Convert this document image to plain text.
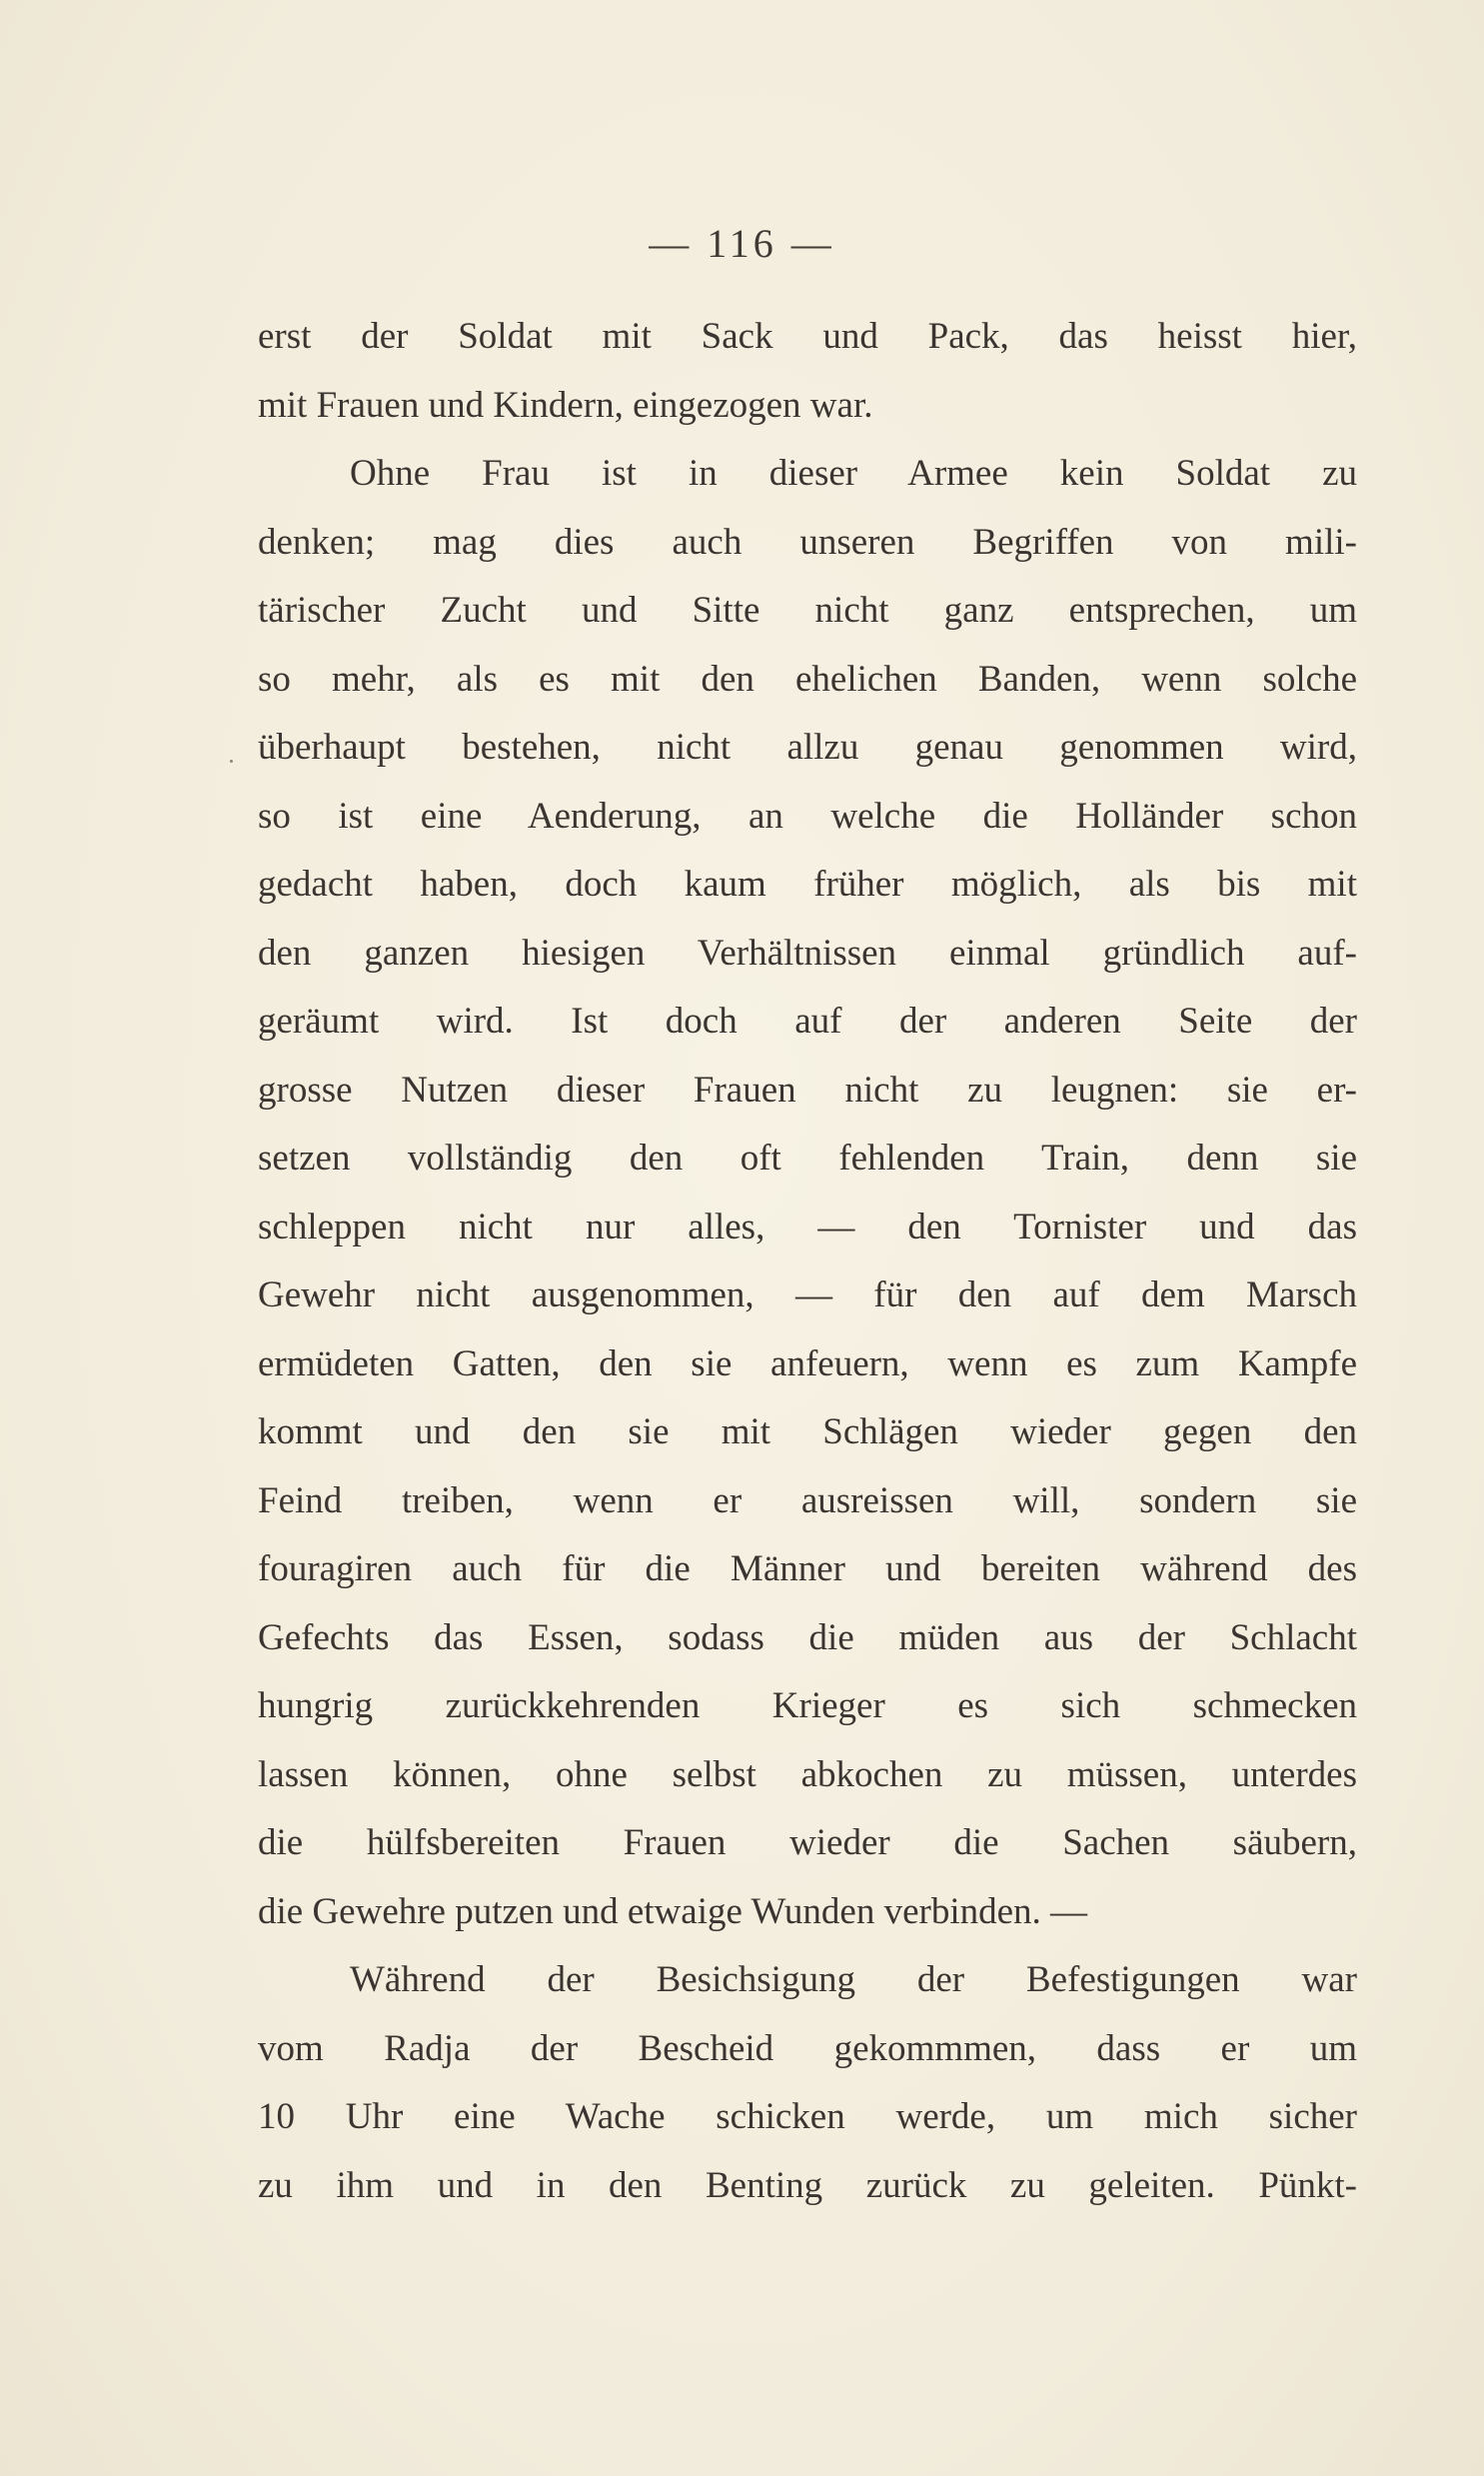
— 116 —
erst der Soldat mit Sack und Pack, das heisst hier,
mit Frauen und Kindern, eingezogen war.
Ohne Frau ist in dieser Armee kein Soldat zu
denken; mag dies auch unseren Begriffen von mili-
tärischer Zucht und Sitte nicht ganz entsprechen, um
so mehr, als es mit den ehelichen Banden, wenn solche
überhaupt bestehen, nicht allzu genau genommen wird,
so ist eine Aenderung, an welche die Holländer schon
gedacht haben, doch kaum früher möglich, als bis mit
den ganzen hiesigen Verhältnissen einmal gründlich auf-
geräumt wird. Ist doch auf der anderen Seite der
grosse Nutzen dieser Frauen nicht zu leugnen: sie er-
setzen vollständig den oft fehlenden Train, denn sie
schleppen nicht nur alles, — den Tornister und das
Gewehr nicht ausgenommen, — für den auf dem Marsch
ermüdeten Gatten, den sie anfeuern, wenn es zum Kampfe
kommt und den sie mit Schlägen wieder gegen den
Feind treiben, wenn er ausreissen will, sondern sie
fouragiren auch für die Männer und bereiten während des
Gefechts das Essen, sodass die müden aus der Schlacht
hungrig zurückkehrenden Krieger es sich schmecken
lassen können, ohne selbst abkochen zu müssen, unterdes
die hülfsbereiten Frauen wieder die Sachen säubern,
die Gewehre putzen und etwaige Wunden verbinden. —
Während der Besichsigung der Befestigungen war
vom Radja der Bescheid gekommmen, dass er um
10 Uhr eine Wache schicken werde, um mich sicher
zu ihm und in den Benting zurück zu geleiten. Pünkt-
